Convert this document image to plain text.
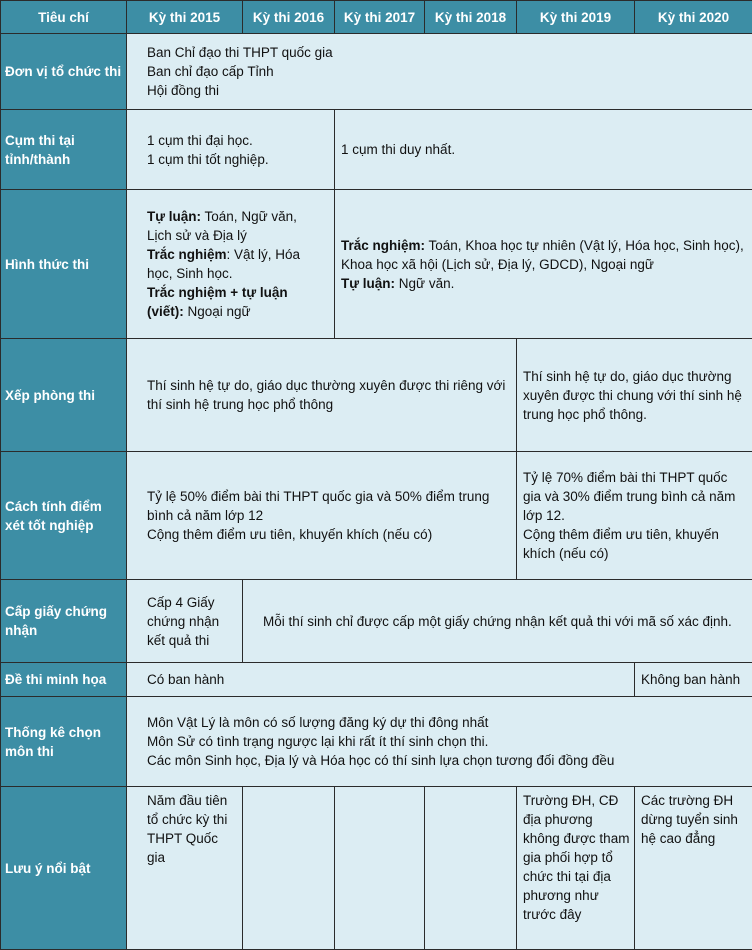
Tiêu chí	Kỳ thi 2015	Kỳ thi 2016	Kỳ thi 2017	Kỳ thi 2018	Kỳ thi 2019	Kỳ thi 2020
Đơn vị tổ chức thi	Ban Chỉ đạo thi THPT quốc gia
Ban chỉ đạo cấp Tỉnh
Hội đồng thi					

Cụm thi tại tỉnh/thành	1 cụm thi đại học.
1 cụm thi tốt nghiệp.		1 cụm thi duy nhất.			
Hình thức thi	Tự luận: Toán, Ngữ văn, Lịch sử và Địa lý
Trắc nghiệm: Vật lý, Hóa học, Sinh học.
Trắc nghiệm + tự luận (viết): Ngoại ngữ		Trắc nghiệm: Toán, Khoa học tự nhiên (Vật lý, Hóa học, Sinh học), Khoa học xã hội (Lịch sử, Địa lý, GDCD), Ngoại ngữ
Tự luận: Ngữ văn.			

Xếp phòng thi	Thí sinh hệ tự do, giáo dục thường xuyên được thi riêng với thí sinh hệ trung học phổ thông				Thí sinh hệ tự do, giáo dục thường xuyên được thi chung với thí sinh hệ trung học phổ thông.	
Cách tính điểm xét tốt nghiệp	Tỷ lệ 50% điểm bài thi THPT quốc gia và 50% điểm trung bình cả năm lớp 12
Cộng thêm điểm ưu tiên, khuyến khích (nếu có)				Tỷ lệ 70% điểm bài thi THPT quốc gia và 30% điểm trung bình cả năm lớp 12.
Cộng thêm điểm ưu tiên, khuyến khích (nếu có)	

Cấp giấy chứng nhận	Cấp 4 Giấy chứng nhận kết quả thi	Mỗi thí sinh chỉ được cấp một giấy chứng nhận kết quả thi với mã số xác định.				
Đề thi minh họa	Có ban hành					Không ban hành
Thống kê chọn môn thi	Môn Vật Lý là môn có số lượng đăng ký dự thi đông nhất
Môn Sử có tình trạng ngược lại khi rất ít thí sinh chọn thi.
Các môn Sinh học, Địa lý và Hóa học có thí sinh lựa chọn tương đối đồng đều					

Lưu ý nổi bật	Năm đầu tiên tổ chức kỳ thi THPT Quốc gia				Trường ĐH, CĐ địa phương không được tham gia phối hợp tổ chức thi tại địa phương như trước đây	Các trường ĐH dừng tuyển sinh hệ cao đẳng
